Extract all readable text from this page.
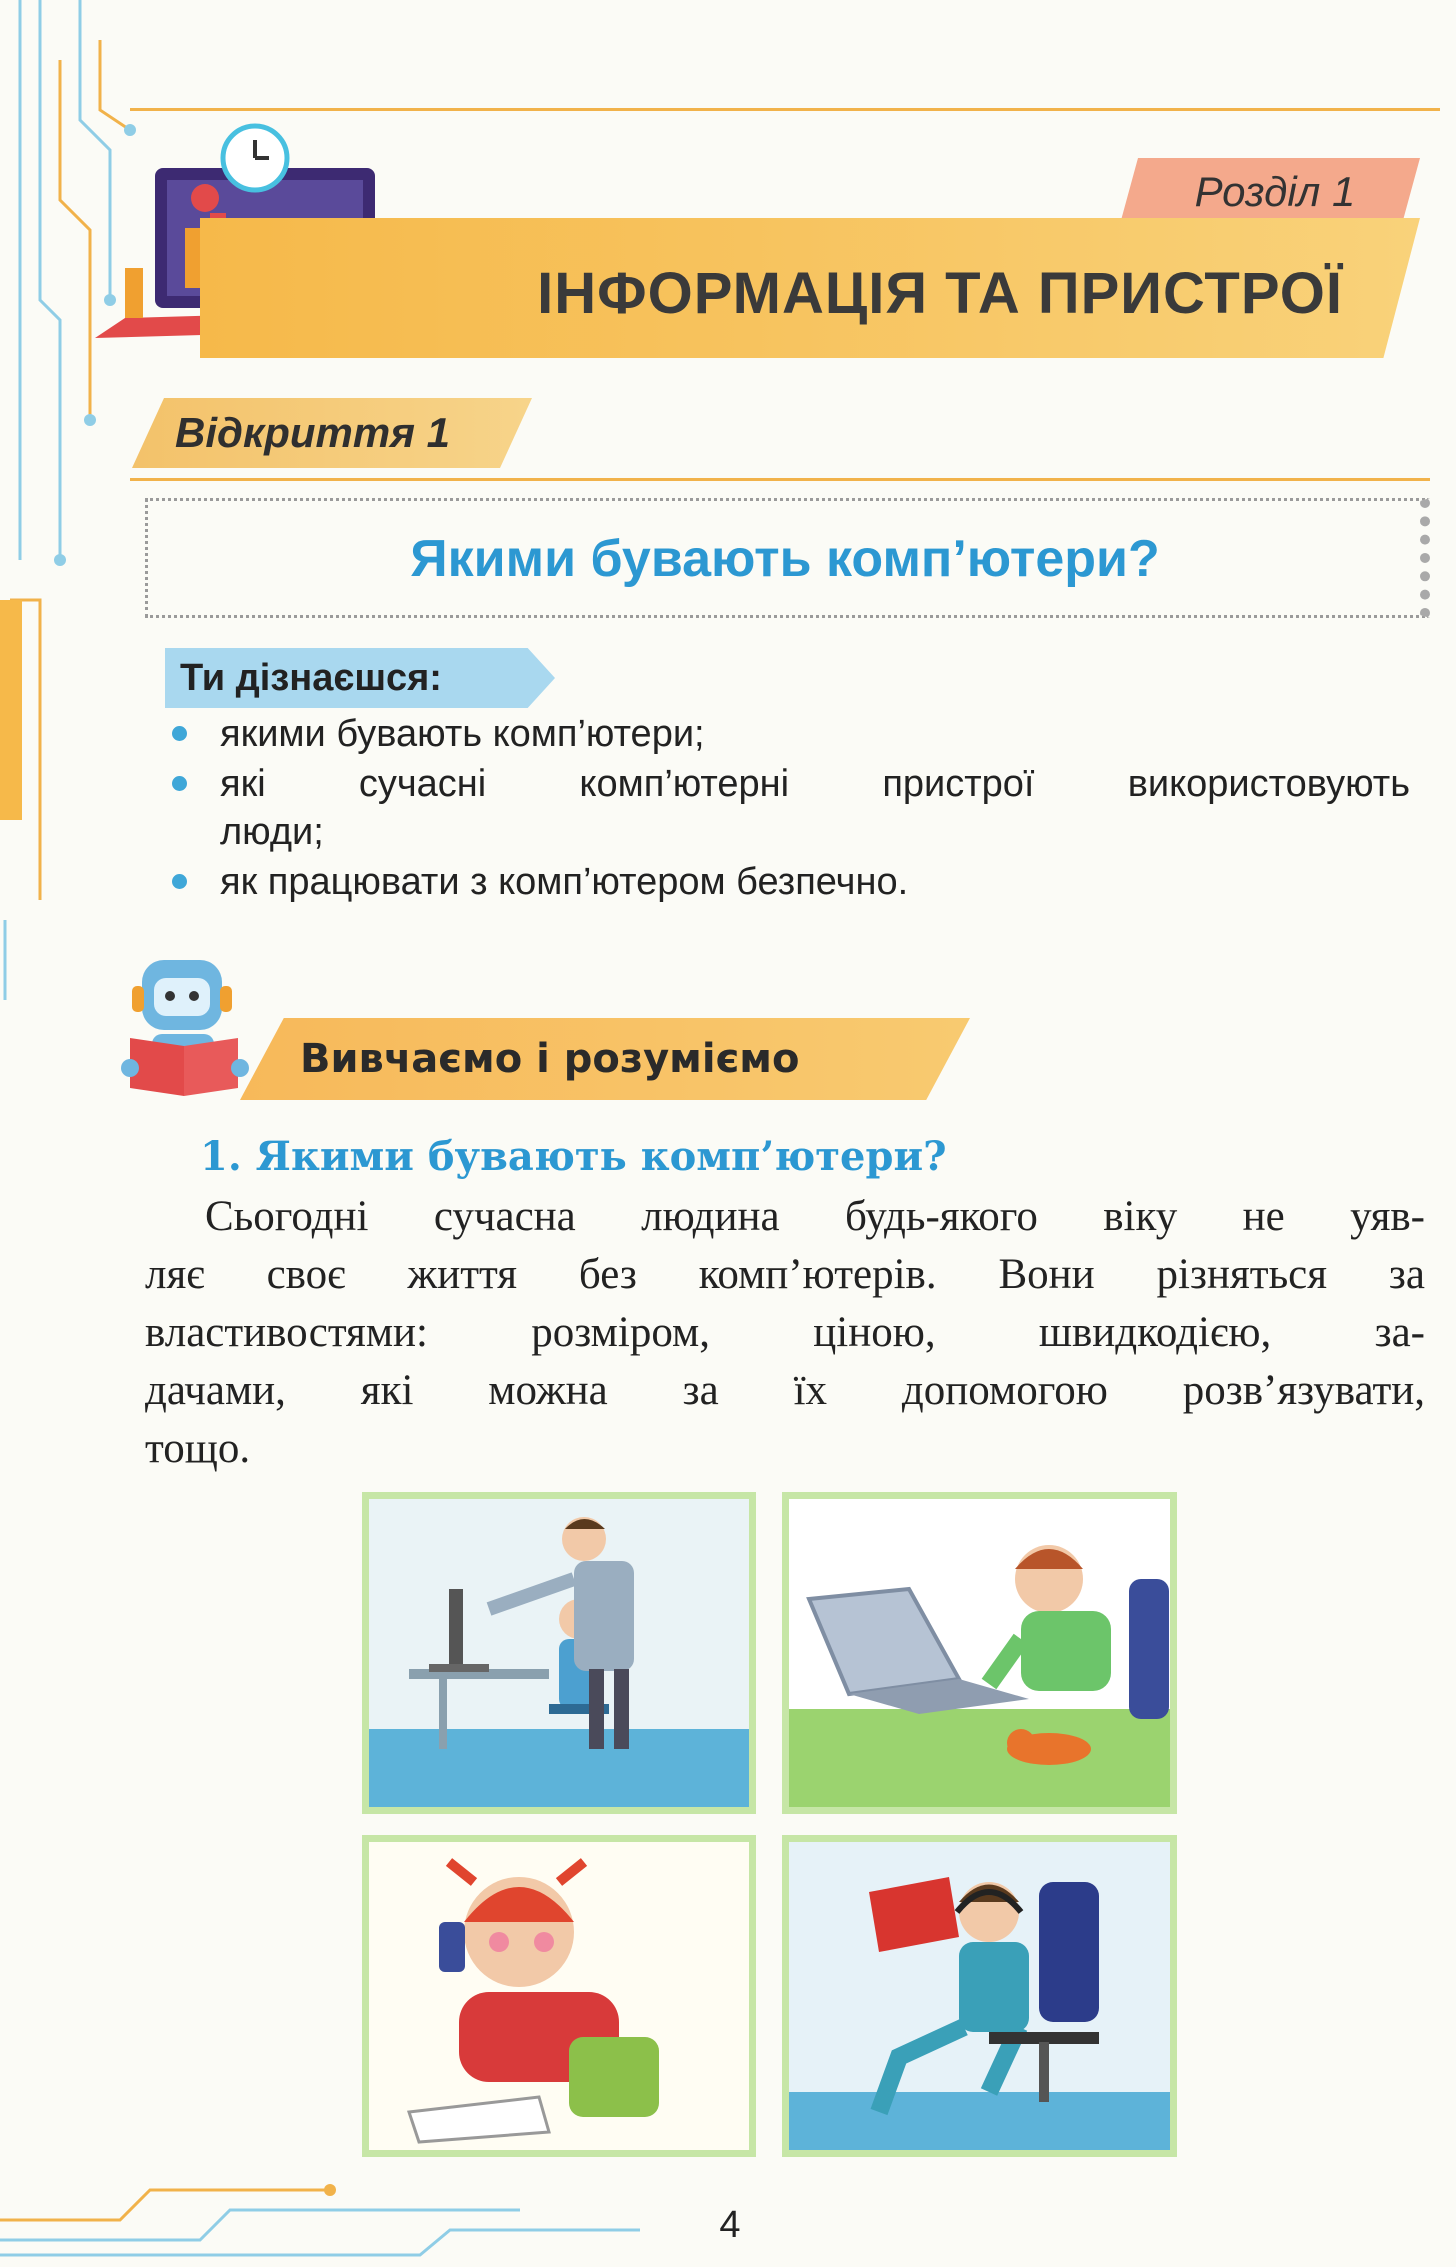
Розділ 1
ІНФОРМАЦІЯ ТА ПРИСТРОЇ
Відкриття 1
Якими бувають комп’ютери?
Ти дізнаєшся:
якими бувають комп’ютери;
які сучасні комп’ютерні пристрої використовують
люди;
як працювати з комп’ютером безпечно.
Вивчаємо і розуміємо
1. Якими бувають комп’ютери?
Сьогодні сучасна людина будь-якого віку не уяв-
ляє своє життя без комп’ютерів. Вони різняться за
властивостями: розміром, ціною, швидкодією, за-
дачами, які можна за їх допомогою розв’язувати,
тощо.
4
